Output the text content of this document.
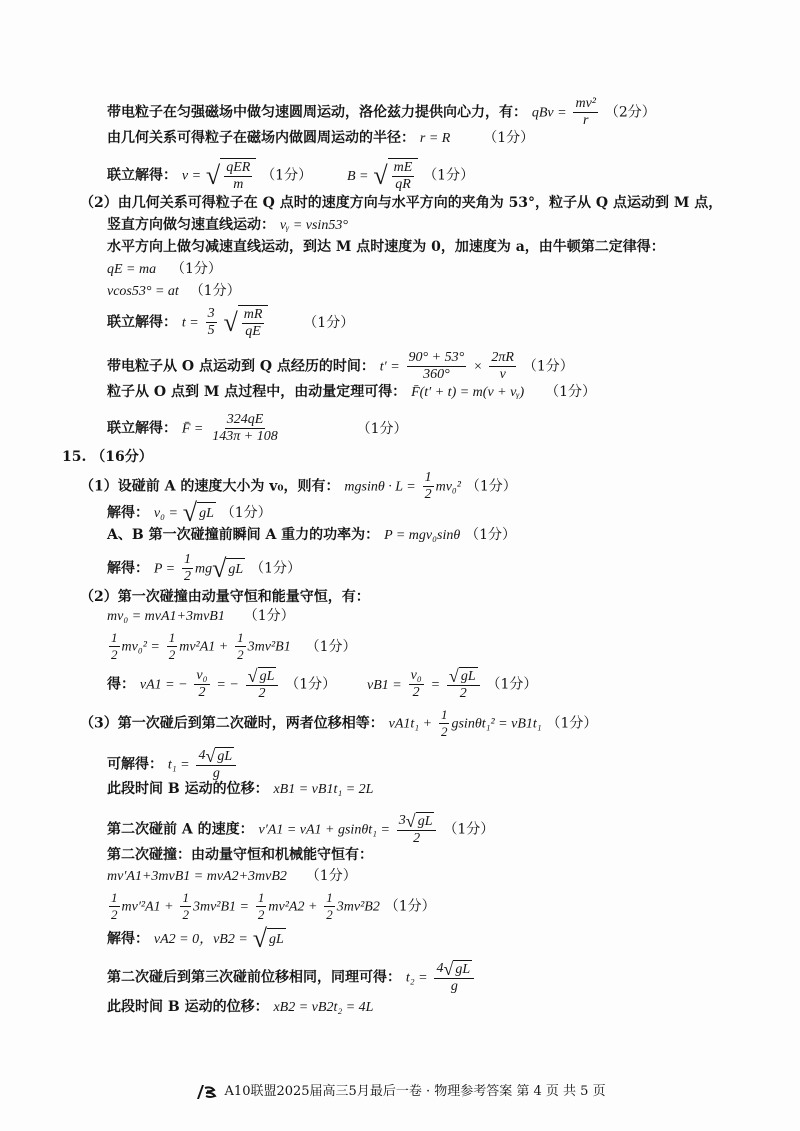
带电粒子在匀强磁场中做匀速圆周运动，洛伦兹力提供向心力，有： qBv = $\frac{\text{mv²}}{r} (2$分）
由几何关系可得粒子在磁场内做圆周运动的半径： r = R （1分）
联立解得： v = √ qER
m
（1分） B = √ $\frac{mE}{qR} (1$分）
（2）由几何关系可得粒子在 Q 点时的速度方向与水平方向的夹角为 53°，粒子从 Q 点运动到 M 点，
竖直方向做匀速直线运动： vᵧ = vsin53°
水平方向上做匀减速直线运动，到达 M 点时速度为 0，加速度为 a，由牛顿第二定律得：
qE = ma （1分）
vcos53° = at （1分）
联立解得： $t = \frac{3}{5}$
√ $\frac{mR}{qE}$	（1分）
带电粒子从 O 点运动到 Q 点经历的时间： $t' = \frac{90^\circ + 53^\circ}{360^\circ} \times \frac{2\pi R}{v} (1$分）
粒子从 O 点到 M 点过程中，由动量定理可得： F̄(t′ + t) = m(v + vᵧ) （1分）
联立解得： F̄ = $\frac{324qE}{143\pi + 108}$	（1分）
15. （16分）
（1）设碰前 A 的速度大小为 v₀，则有： $mgsin\theta \cdot L = \frac{1}{2} mv_0^2$ （1分）
解得： v₀ = √ gL （1分）
A、B 第一次碰撞前瞬间 A 重力的功率为： P = mgv₀sinθ （1分）
解得： $P = \frac{1}{2}$ mg √ gL （1分）
（2）第一次碰撞由动量守恒和能量守恒，有：
mv₀ = mvA1+3mvB1 （1分）
$\frac{1}{2} mv_0^2 = \frac{1}{2} mv^2A1 + \frac{1}{2} 3mv^2B1$ （1分）
得： vA1 = − $\frac{\text{v₀}}{2}$ = − $\frac{√ gL}{2} (1$分） $vB1 = \frac{\text{v₀}}{2} = \frac{√ gL}{2} (1$分）
（3）第一次碰后到第二次碰时，两者位移相等： $vA1t_1 + \frac{1}{2} gsin\theta t_1^2 = vB1t_1$ （1分）
可解得： $t_1 = \frac{4 √ gL}{g}$
此段时间 B 运动的位移： xB1 = vB1t₁ = 2L
第二次碰前 A 的速度： $v'A1 = vA1 + gsin\theta t_1 = \frac{3 √ gL}{2} (1$分）
第二次碰撞：由动量守恒和机械能守恒有：
mv′A1+3mvB1 = mvA2+3mvB2 （1分）
$\frac{1}{2} mv'^2A1 + \frac{1}{2} 3mv^2B1 = \frac{1}{2} mv^2A2 + \frac{1}{2} 3mv^2B2$ （1分）
解得： vA2 = 0，vB2 = √ gL
第二次碰后到第三次碰前位移相同，同理可得： $t_2 = \frac{4 √ gL}{g}$
此段时间 B 运动的位移： xB2 = vB2t₂ = 4L
A10联盟2025届高三5月最后一卷 · 物理参考答案 第 4 页 共 5 页
